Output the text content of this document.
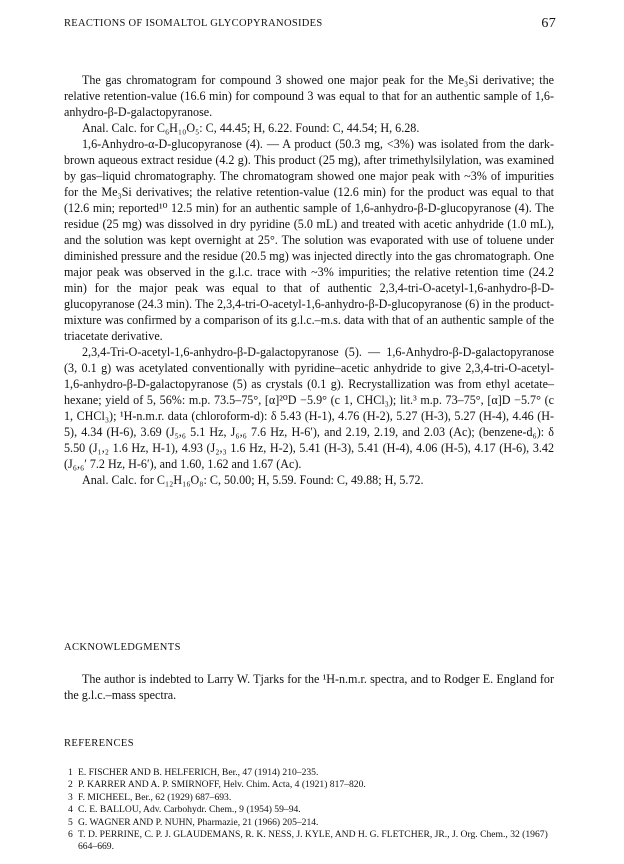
REACTIONS OF ISOMALTOL GLYCOPYRANOSIDES	67

The gas chromatogram for compound 3 showed one major peak for the Me₃Si derivative; the relative retention-value (16.6 min) for compound 3 was equal to that for an authentic sample of 1,6-anhydro-β-D-galactopyranose.

Anal. Calc. for C₆H₁₀O₅: C, 44.45; H, 6.22. Found: C, 44.54; H, 6.28.

1,6-Anhydro-α-D-glucopyranose (4). — A product (50.3 mg, <3%) was isolated from the dark-brown aqueous extract residue (4.2 g). This product (25 mg), after trimethylsilylation, was examined by gas–liquid chromatography. The chromatogram showed one major peak with ~3% of impurities for the Me₃Si derivatives; the relative retention-value (12.6 min) for the product was equal to that (12.6 min; reported¹⁰ 12.5 min) for an authentic sample of 1,6-anhydro-β-D-glucopyranose (4). The residue (25 mg) was dissolved in dry pyridine (5.0 mL) and treated with acetic anhydride (1.0 mL), and the solution was kept overnight at 25°. The solution was evaporated with use of toluene under diminished pressure and the residue (20.5 mg) was injected directly into the gas chromatograph. One major peak was observed in the g.l.c. trace with ~3% impurities; the relative retention time (24.2 min) for the major peak was equal to that of authentic 2,3,4-tri-O-acetyl-1,6-anhydro-β-D-glucopyranose (24.3 min). The 2,3,4-tri-O-acetyl-1,6-anhydro-β-D-glucopyranose (6) in the product-mixture was confirmed by a comparison of its g.l.c.–m.s. data with that of an authentic sample of the triacetate derivative.

2,3,4-Tri-O-acetyl-1,6-anhydro-β-D-galactopyranose (5). — 1,6-Anhydro-β-D-galactopyranose (3, 0.1 g) was acetylated conventionally with pyridine–acetic anhydride to give 2,3,4-tri-O-acetyl-1,6-anhydro-β-D-galactopyranose (5) as crystals (0.1 g). Recrystallization was from ethyl acetate–hexane; yield of 5, 56%: m.p. 73.5–75°, [α]²⁰D −5.9° (c 1, CHCl₃); lit.³ m.p. 73–75°, [α]D −5.7° (c 1, CHCl₃); ¹H-n.m.r. data (chloroform-d): δ 5.43 (H-1), 4.76 (H-2), 5.27 (H-3), 5.27 (H-4), 4.46 (H-5), 4.34 (H-6), 3.69 (J₅,₆ 5.1 Hz, J₆,₆ 7.6 Hz, H-6′), and 2.19, 2.19, and 2.03 (Ac); (benzene-d₆): δ 5.50 (J₁,₂ 1.6 Hz, H-1), 4.93 (J₂,₃ 1.6 Hz, H-2), 5.41 (H-3), 5.41 (H-4), 4.06 (H-5), 4.17 (H-6), 3.42 (J₆,₆′ 7.2 Hz, H-6′), and 1.60, 1.62 and 1.67 (Ac).

Anal. Calc. for C₁₂H₁₆O₈: C, 50.00; H, 5.59. Found: C, 49.88; H, 5.72.

ACKNOWLEDGMENTS

The author is indebted to Larry W. Tjarks for the ¹H-n.m.r. spectra, and to Rodger E. England for the g.l.c.–mass spectra.

REFERENCES
1 E. FISCHER AND B. HELFERICH, Ber., 47 (1914) 210–235.
2 P. KARRER AND A. P. SMIRNOFF, Helv. Chim. Acta, 4 (1921) 817–820.
3 F. MICHEEL, Ber., 62 (1929) 687–693.
4 C. E. BALLOU, Adv. Carbohydr. Chem., 9 (1954) 59–94.
5 G. WAGNER AND P. NUHN, Pharmazie, 21 (1966) 205–214.
6 T. D. PERRINE, C. P. J. GLAUDEMANS, R. K. NESS, J. KYLE, AND H. G. FLETCHER, JR., J. Org. Chem., 32 (1967) 664–669.
